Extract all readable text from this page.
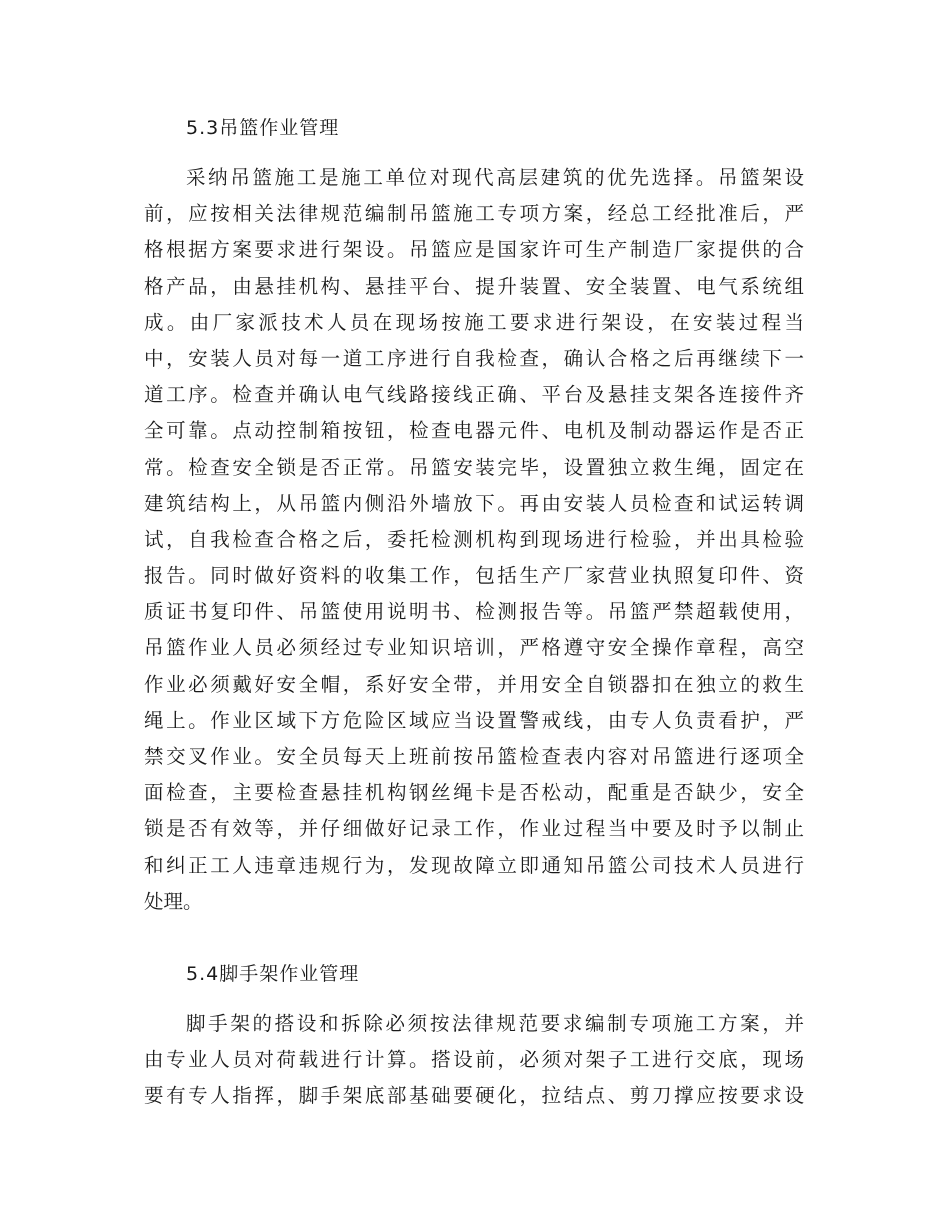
5.3吊篮作业管理
采纳吊篮施工是施工单位对现代高层建筑的优先选择。吊篮架设
前，应按相关法律规范编制吊篮施工专项方案，经总工经批准后，严
格根据方案要求进行架设。吊篮应是国家许可生产制造厂家提供的合
格产品，由悬挂机构、悬挂平台、提升装置、安全装置、电气系统组
成。由厂家派技术人员在现场按施工要求进行架设，在安装过程当
中，安装人员对每一道工序进行自我检查，确认合格之后再继续下一
道工序。检查并确认电气线路接线正确、平台及悬挂支架各连接件齐
全可靠。点动控制箱按钮，检查电器元件、电机及制动器运作是否正
常。检查安全锁是否正常。吊篮安装完毕，设置独立救生绳，固定在
建筑结构上，从吊篮内侧沿外墙放下。再由安装人员检查和试运转调
试，自我检查合格之后，委托检测机构到现场进行检验，并出具检验
报告。同时做好资料的收集工作，包括生产厂家营业执照复印件、资
质证书复印件、吊篮使用说明书、检测报告等。吊篮严禁超载使用，
吊篮作业人员必须经过专业知识培训，严格遵守安全操作章程，高空
作业必须戴好安全帽，系好安全带，并用安全自锁器扣在独立的救生
绳上。作业区域下方危险区域应当设置警戒线，由专人负责看护，严
禁交叉作业。安全员每天上班前按吊篮检查表内容对吊篮进行逐项全
面检查，主要检查悬挂机构钢丝绳卡是否松动，配重是否缺少，安全
锁是否有效等，并仔细做好记录工作，作业过程当中要及时予以制止
和纠正工人违章违规行为，发现故障立即通知吊篮公司技术人员进行
处理。
5.4脚手架作业管理
脚手架的搭设和拆除必须按法律规范要求编制专项施工方案，并
由专业人员对荷载进行计算。搭设前，必须对架子工进行交底，现场
要有专人指挥，脚手架底部基础要硬化，拉结点、剪刀撑应按要求设
